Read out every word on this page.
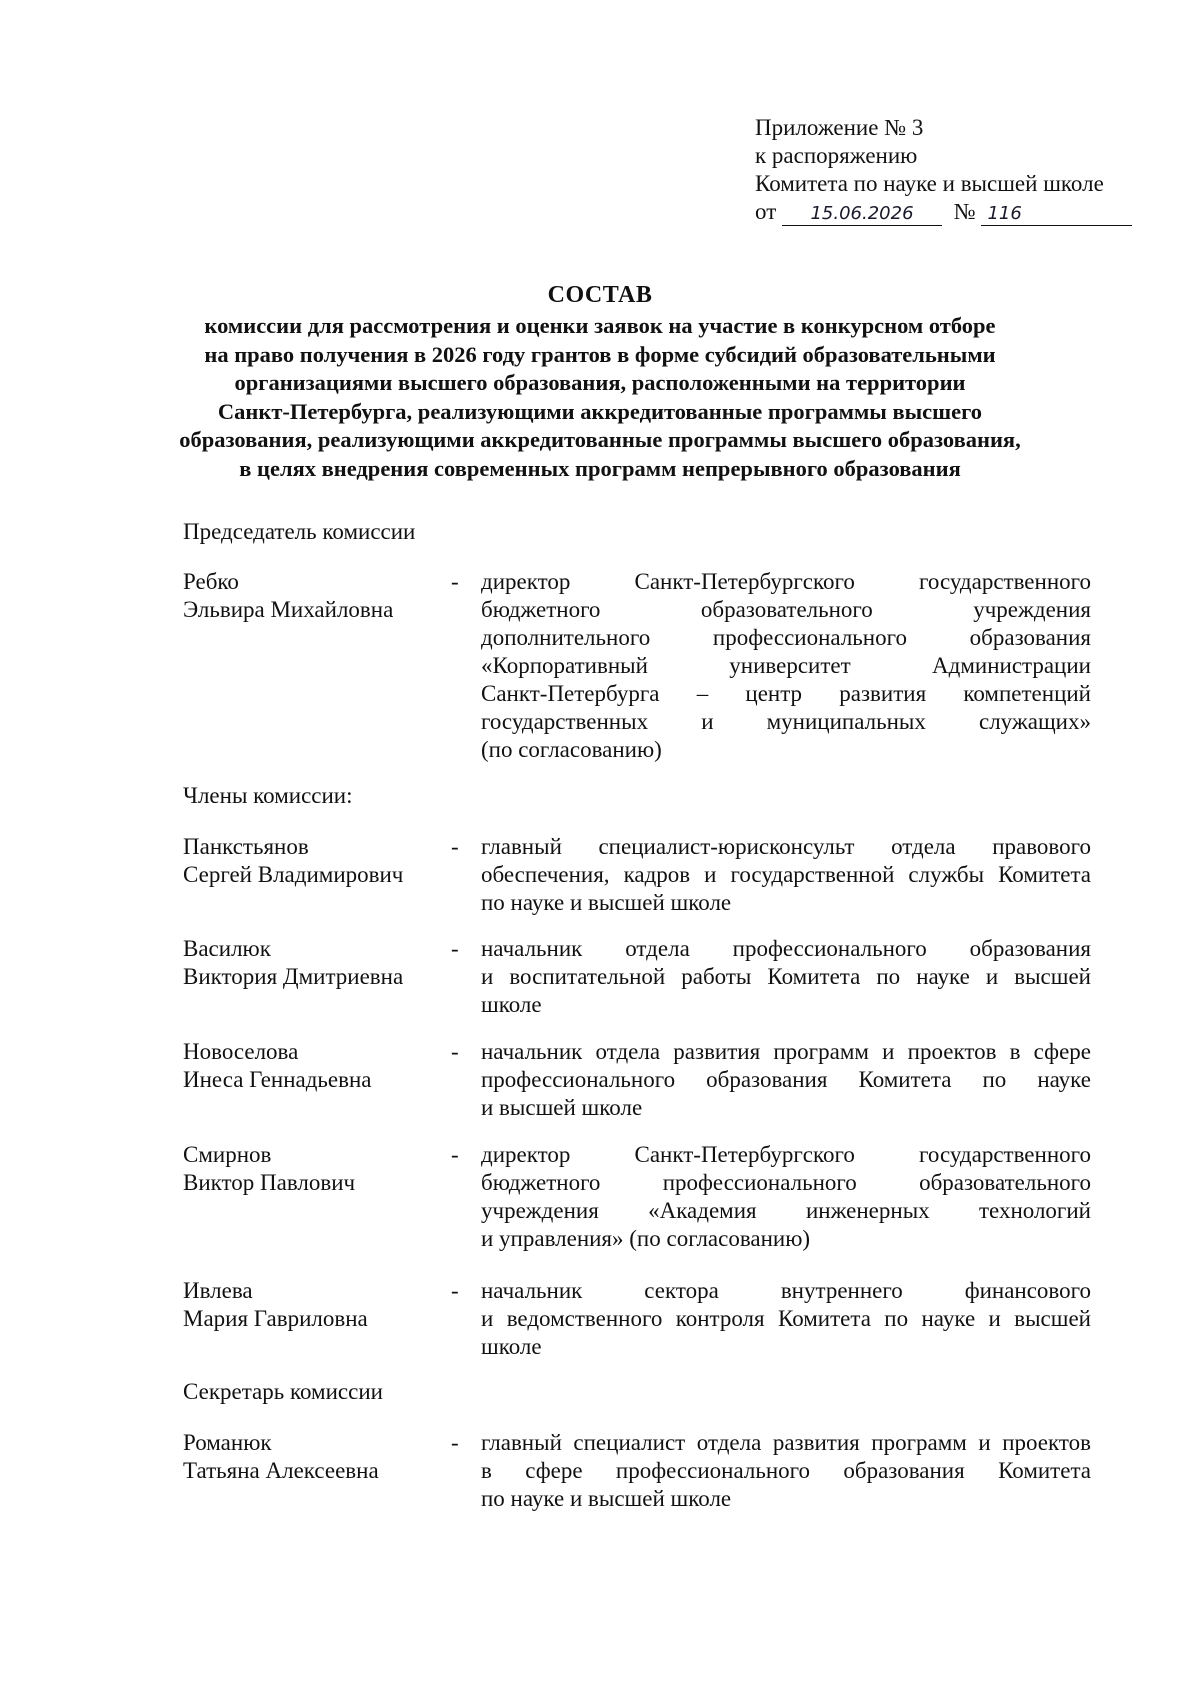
Приложение № 3
к распоряжению
Комитета по науке и высшей школе
от 15.06.2026 № 116
СОСТАВ
комиссии для рассмотрения и оценки заявок на участие в конкурсном отборе
на право получения в 2026 году грантов в форме субсидий образовательными
организациями высшего образования, расположенными на территории
Санкт-Петербурга, реализующими аккредитованные программы высшего
образования, реализующими аккредитованные программы высшего образования,
в целях внедрения современных программ непрерывного образования
Председатель комиссии
Ребко
Эльвира Михайловна
- директор Санкт-Петербургского государственного
бюджетного образовательного учреждения
дополнительного профессионального образования
«Корпоративный университет Администрации
Санкт-Петербурга – центр развития компетенций
государственных и муниципальных служащих»
(по согласованию)
Члены комиссии:
Панкстьянов
Сергей Владимирович
- главный специалист-юрисконсульт отдела правового
обеспечения, кадров и государственной службы Комитета
по науке и высшей школе
Василюк
Виктория Дмитриевна
- начальник отдела профессионального образования
и воспитательной работы Комитета по науке и высшей
школе
Новоселова
Инеса Геннадьевна
- начальник отдела развития программ и проектов в сфере
профессионального образования Комитета по науке
и высшей школе
Смирнов
Виктор Павлович
- директор Санкт-Петербургского государственного
бюджетного профессионального образовательного
учреждения «Академия инженерных технологий
и управления» (по согласованию)
Ивлева
Мария Гавриловна
- начальник сектора внутреннего финансового
и ведомственного контроля Комитета по науке и высшей
школе
Секретарь комиссии
Романюк
Татьяна Алексеевна
- главный специалист отдела развития программ и проектов
в сфере профессионального образования Комитета
по науке и высшей школе
